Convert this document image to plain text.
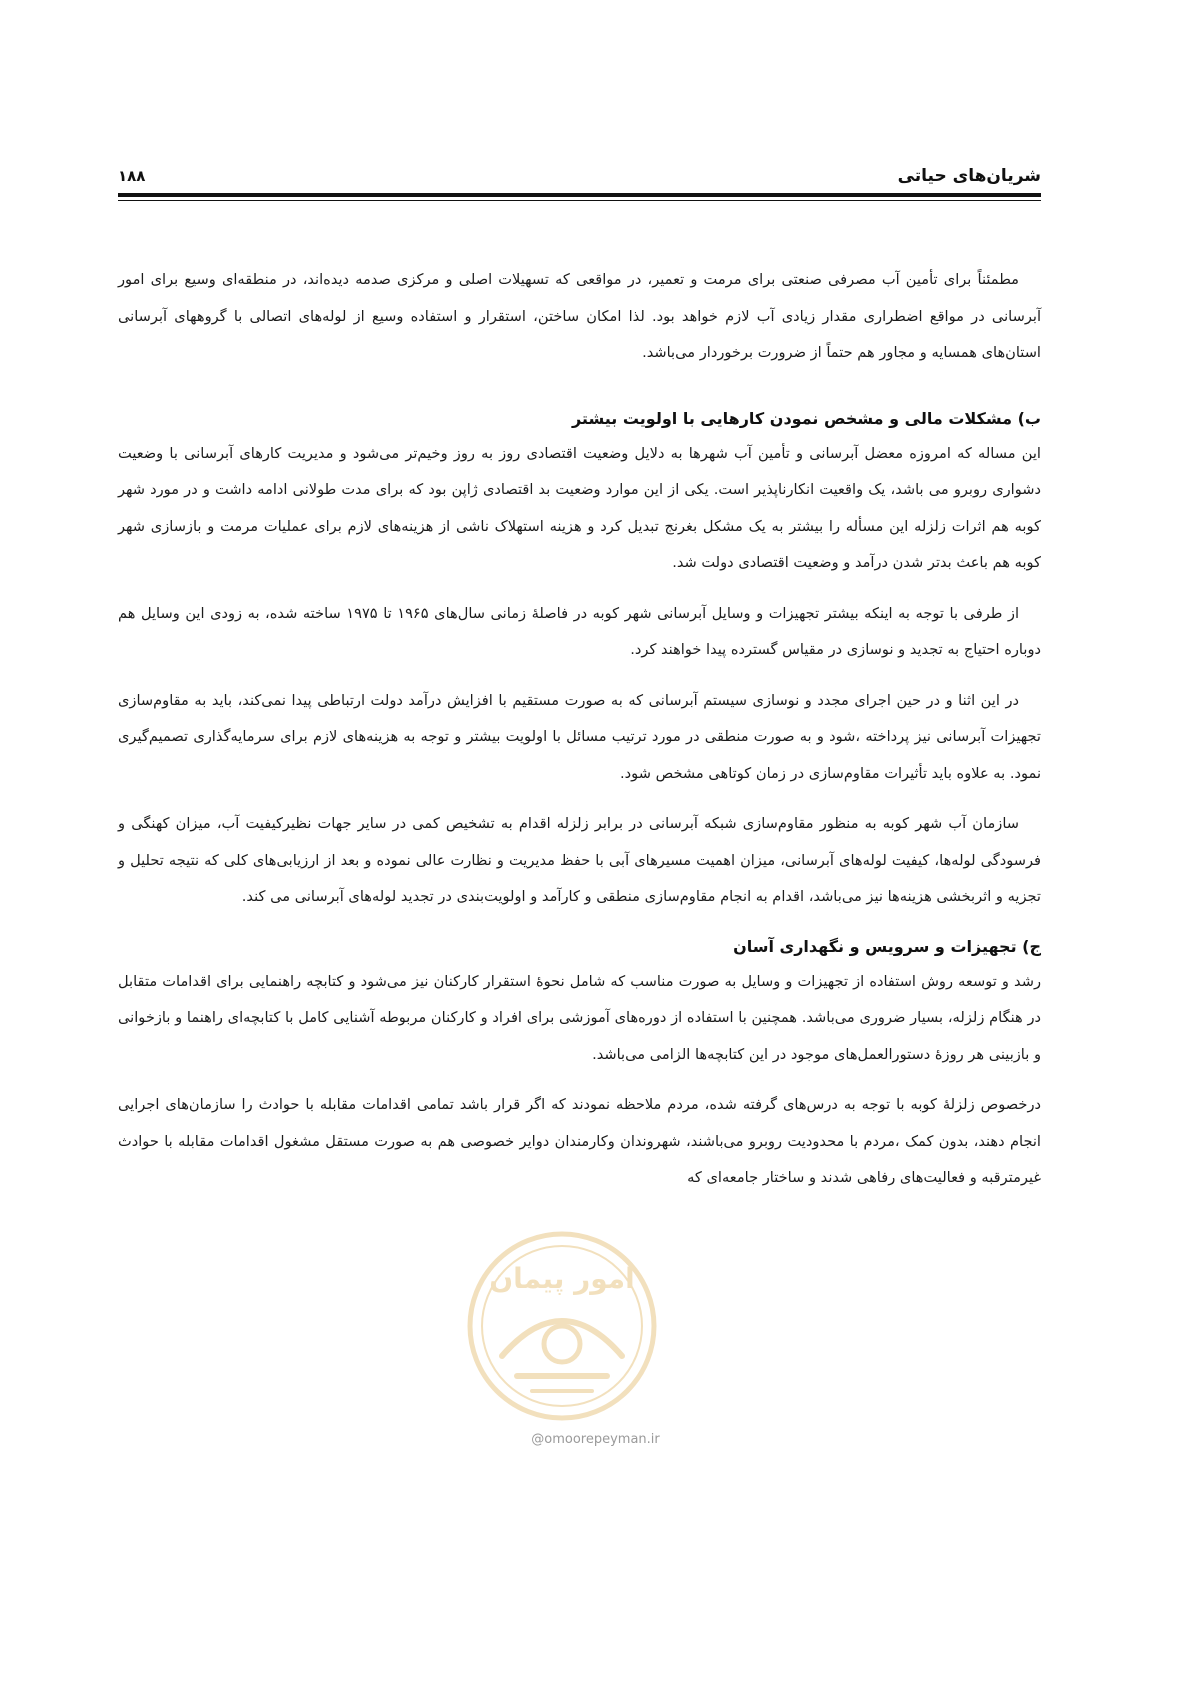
شریان‌های حیاتی
۱۸۸

مطمئناً برای تأمین آب مصرفی صنعتی برای مرمت و تعمیر، در مواقعی که تسهیلات اصلی و مرکزی صدمه دیده‌اند، در منطقه‌ای وسیع برای امور آبرسانی در مواقع اضطراری مقدار زیادی آب لازم خواهد بود. لذا امکان ساختن، استقرار و استفاده وسیع از لوله‌های اتصالی با گروههای آبرسانی استان‌های همسایه و مجاور هم حتماً از ضرورت برخوردار می‌باشد.

ب) مشکلات مالی و مشخص نمودن کارهایی با اولویت بیشتر

این مساله که امروزه معضل آبرسانی و تأمین آب شهرها به دلایل وضعیت اقتصادی روز به روز وخیم‌تر می‌شود و مدیریت کارهای آبرسانی با وضعیت دشواری روبرو می باشد، یک واقعیت انکارناپذیر است. یکی از این موارد وضعیت بد اقتصادی ژاپن بود که برای مدت طولانی ادامه داشت و در مورد شهر کوبه هم اثرات زلزله این مسأله را بیشتر به یک مشکل بغرنج تبدیل کرد و هزینه استهلاک ناشی از هزینه‌های لازم برای عملیات مرمت و بازسازی شهر کوبه هم باعث بدتر شدن درآمد و وضعیت اقتصادی دولت شد.

از طرفی با توجه به اینکه بیشتر تجهیزات و وسایل آبرسانی شهر کوبه در فاصلهٔ زمانی سال‌های ۱۹۶۵ تا ۱۹۷۵ ساخته شده، به زودی این وسایل هم دوباره احتیاج به تجدید و نوسازی در مقیاس گسترده پیدا خواهند کرد.

در این اثنا و در حین اجرای مجدد و نوسازی سیستم آبرسانی که به صورت مستقیم با افزایش درآمد دولت ارتباطی پیدا نمی‌کند، باید به مقاوم‌سازی تجهیزات آبرسانی نیز پرداخته ،شود و به صورت منطقی در مورد ترتیب مسائل با اولویت بیشتر و توجه به هزینه‌های لازم برای سرمایه‌گذاری تصمیم‌گیری نمود. به علاوه باید تأثیرات مقاوم‌سازی در زمان کوتاهی مشخص شود.

سازمان آب شهر کوبه به منظور مقاوم‌سازی شبکه آبرسانی در برابر زلزله اقدام به تشخیص کمی در سایر جهات نظیرکیفیت آب، میزان کهنگی و فرسودگی لوله‌ها، کیفیت لوله‌های آبرسانی، میزان اهمیت مسیرهای آبی با حفظ مدیریت و نظارت عالی نموده و بعد از ارزیابی‌های کلی که نتیجه تحلیل و تجزیه و اثربخشی هزینه‌ها نیز می‌باشد، اقدام به انجام مقاوم‌سازی منطقی و کارآمد و اولویت‌بندی در تجدید لوله‌های آبرسانی می کند.

ج) تجهیزات و سرویس و نگهداری آسان

رشد و توسعه روش استفاده از تجهیزات و وسایل به صورت مناسب که شامل نحوهٔ استقرار کارکنان نیز می‌شود و کتابچه راهنمایی برای اقدامات متقابل در هنگام زلزله، بسیار ضروری می‌باشد. همچنین با استفاده از دوره‌های آموزشی برای افراد و کارکنان مربوطه آشنایی کامل با کتابچه‌ای راهنما و بازخوانی و بازبینی هر روزهٔ دستورالعمل‌های موجود در این کتابچه‌ها الزامی می‌باشد.

درخصوص زلزلهٔ کوبه با توجه به درس‌های گرفته شده، مردم ملاحظه نمودند که اگر قرار باشد تمامی اقدامات مقابله با حوادث را سازمان‌های اجرایی انجام دهند، بدون کمک ،مردم با محدودیت روبرو می‌باشند، شهروندان وکارمندان دوایر خصوصی هم به صورت مستقل مشغول اقدامات مقابله با حوادث غیرمترقبه و فعالیت‌های رفاهی شدند و ساختار جامعه‌ای که

امور پیمان
@omoorepeyman.ir
